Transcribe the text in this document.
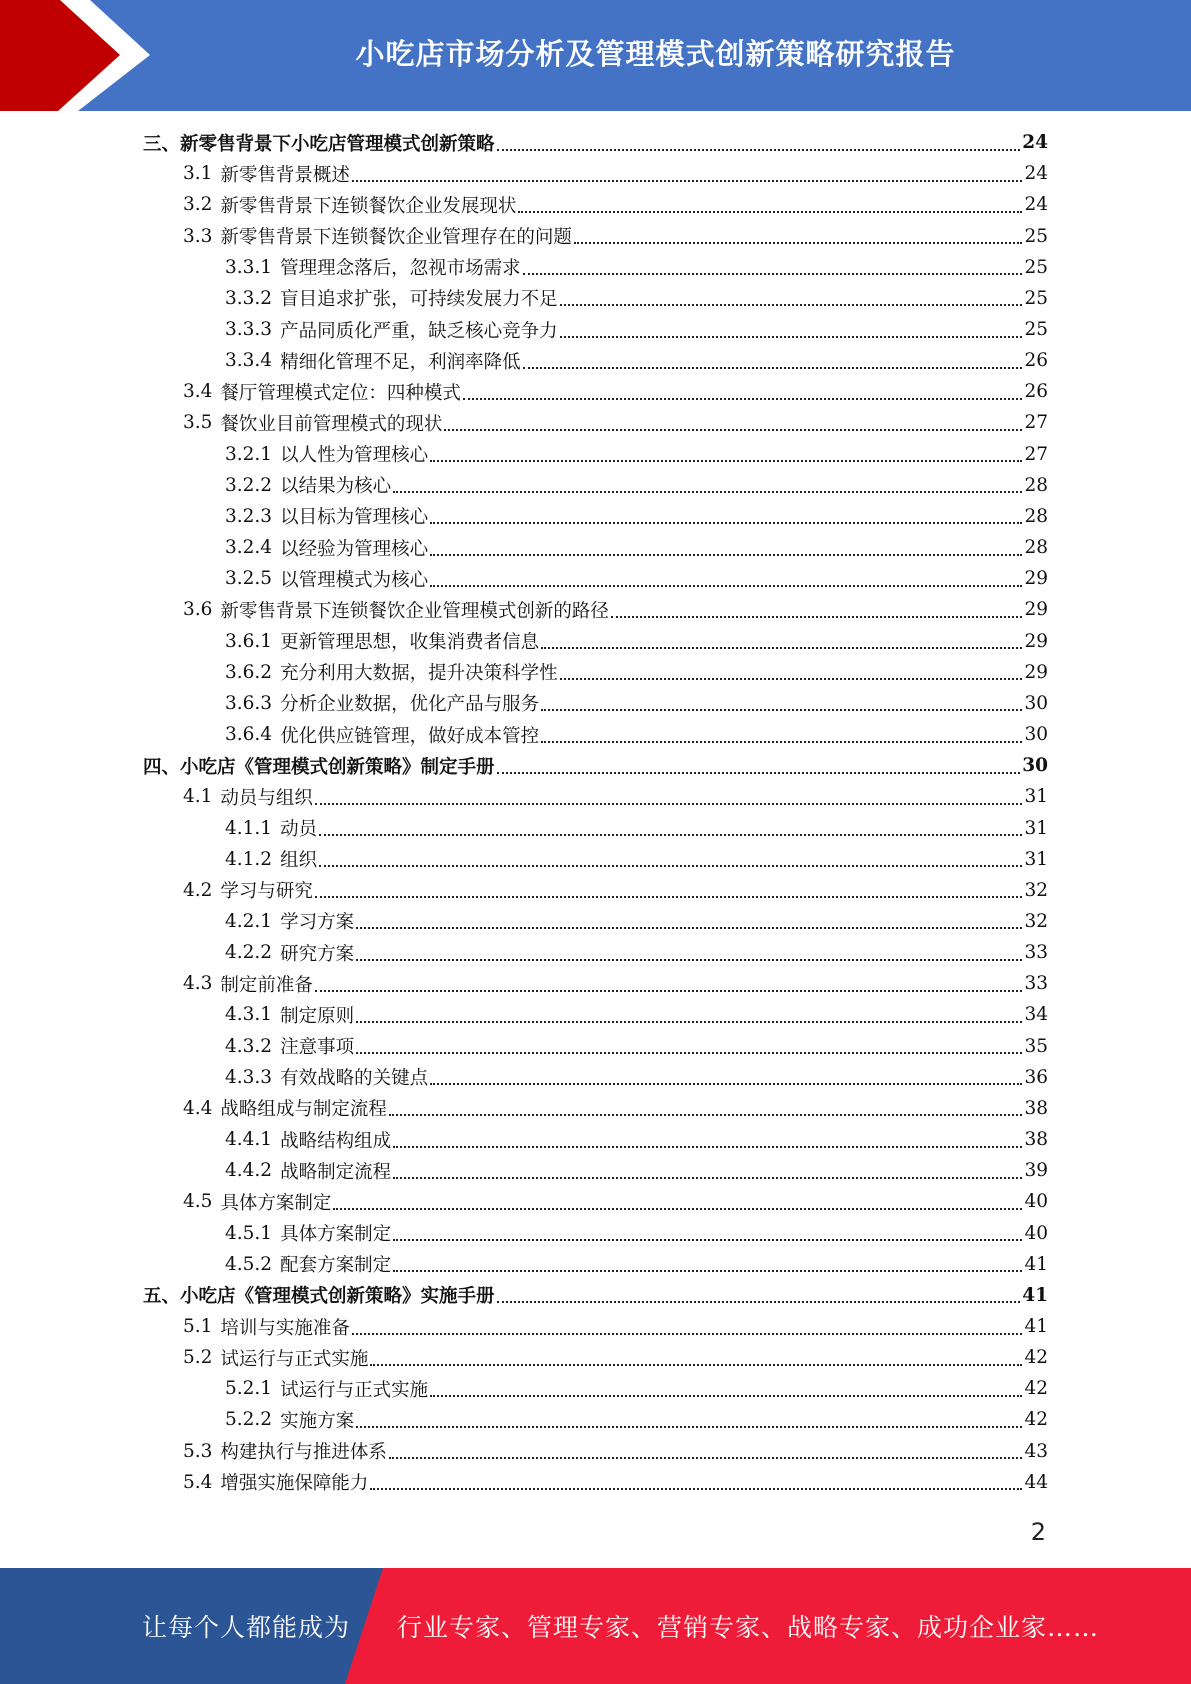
小吃店市场分析及管理模式创新策略研究报告
三、新零售背景下小吃店管理模式创新策略	24
3.1 新零售背景概述	24
3.2 新零售背景下连锁餐饮企业发展现状	24
3.3 新零售背景下连锁餐饮企业管理存在的问题	25
3.3.1 管理理念落后，忽视市场需求	25
3.3.2 盲目追求扩张，可持续发展力不足	25
3.3.3 产品同质化严重，缺乏核心竞争力	25
3.3.4 精细化管理不足，利润率降低	26
3.4 餐厅管理模式定位：四种模式	26
3.5 餐饮业目前管理模式的现状	27
3.2.1 以人性为管理核心	27
3.2.2 以结果为核心	28
3.2.3 以目标为管理核心	28
3.2.4 以经验为管理核心	28
3.2.5 以管理模式为核心	29
3.6 新零售背景下连锁餐饮企业管理模式创新的路径	29
3.6.1 更新管理思想，收集消费者信息	29
3.6.2 充分利用大数据，提升决策科学性	29
3.6.3 分析企业数据，优化产品与服务	30
3.6.4 优化供应链管理，做好成本管控	30
四、小吃店《管理模式创新策略》制定手册	30
4.1 动员与组织	31
4.1.1 动员	31
4.1.2 组织	31
4.2 学习与研究	32
4.2.1 学习方案	32
4.2.2 研究方案	33
4.3 制定前准备	33
4.3.1 制定原则	34
4.3.2 注意事项	35
4.3.3 有效战略的关键点	36
4.4 战略组成与制定流程	38
4.4.1 战略结构组成	38
4.4.2 战略制定流程	39
4.5 具体方案制定	40
4.5.1 具体方案制定	40
4.5.2 配套方案制定	41
五、小吃店《管理模式创新策略》实施手册	41
5.1 培训与实施准备	41
5.2 试运行与正式实施	42
5.2.1 试运行与正式实施	42
5.2.2 实施方案	42
5.3 构建执行与推进体系	43
5.4 增强实施保障能力	44
2
让每个人都能成为 行业专家、管理专家、营销专家、战略专家、成功企业家……
